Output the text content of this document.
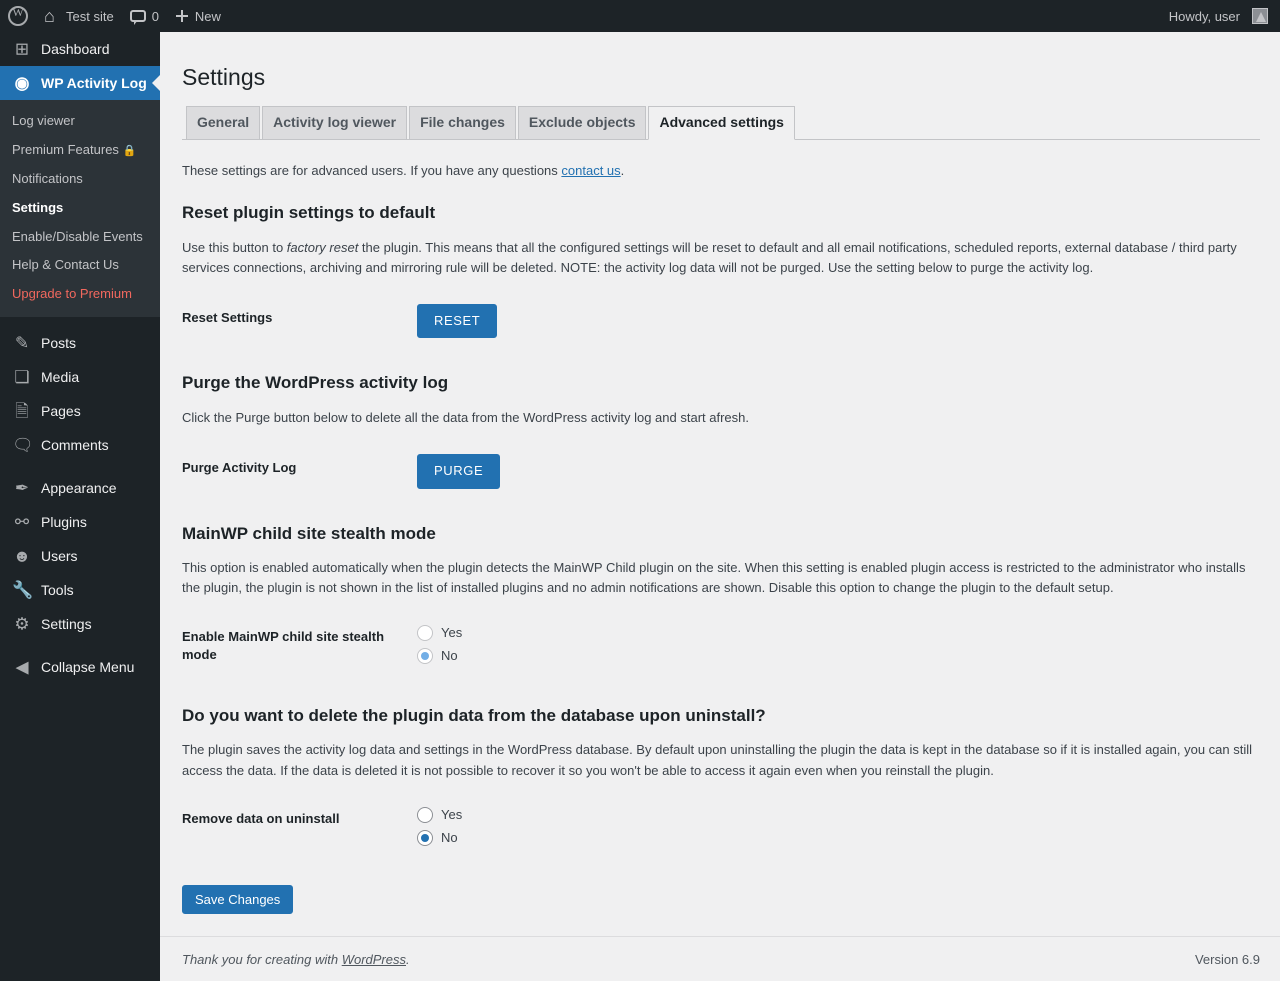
W
⌂
Test site	0	New	Howdy, user
⊞ Dashboard
◉ WP Activity Log
Log viewer
Premium Features 🔒
Notifications
Settings
Enable/Disable Events
Help & Contact Us
Upgrade to Premium
✎ Posts
❏ Media
🗎 Pages
🗨 Comments
✒ Appearance
⚯ Plugins
☻ Users
🔧 Tools
⚙ Settings
◀ Collapse Menu
Settings
General Activity log viewer File changes Exclude objects Advanced settings

These settings are for advanced users. If you have any questions contact us.

Reset plugin settings to default

Use this button to factory reset the plugin. This means that all the configured settings will be reset to default and all email notifications, scheduled reports, external database / third party services connections, archiving and mirroring rule will be deleted. NOTE: the activity log data will not be purged. Use the setting below to purge the activity log.

Reset Settings	RESET
Purge the WordPress activity log

Click the Purge button below to delete all the data from the WordPress activity log and start afresh.

Purge Activity Log	PURGE
MainWP child site stealth mode

This option is enabled automatically when the plugin detects the MainWP Child plugin on the site. When this setting is enabled plugin access is restricted to the administrator who installs the plugin, the plugin is not shown in the list of installed plugins and no admin notifications are shown. Disable this option to change the plugin to the default setup.

Enable MainWP child site stealth mode	
Yes
No
Do you want to delete the plugin data from the database upon uninstall?

The plugin saves the activity log data and settings in the WordPress database. By default upon uninstalling the plugin the data is kept in the database so if it is installed again, you can still access the data. If the data is deleted it is not possible to recover it so you won't be able to access it again even when you reinstall the plugin.

Remove data on uninstall	Yes
No
Save Changes
Thank you for creating with WordPress.	Version 6.9
